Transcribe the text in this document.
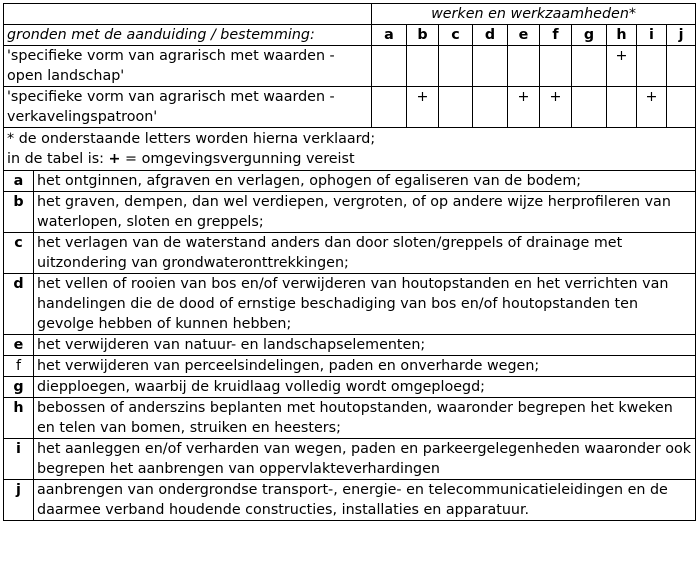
		werken en werkzaamheden*									
gronden met de aanduiding / bestemming:		a	b	c	d	e	f	g	h	i	j
'specifieke vorm van agrarisch met waarden - open landschap'									+		
'specifieke vorm van agrarisch met waarden - verkavelingspatroon'			+			+	+			+	

* de onderstaande letters worden hierna verklaard;
in de tabel is: + = omgevingsvergunning vereist											

a	het ontginnen, afgraven en verlagen, ophogen of egaliseren van de bodem;										
b	het graven, dempen, dan wel verdiepen, vergroten, of op andere wijze herprofileren van waterlopen, sloten en greppels;										
c	het verlagen van de waterstand anders dan door sloten/greppels of drainage met uitzondering van grondwateronttrekkingen;										
d	het vellen of rooien van bos en/of verwijderen van houtopstanden en het verrichten van handelingen die de dood of ernstige beschadiging van bos en/of houtopstanden ten gevolge hebben of kunnen hebben;										
e	het verwijderen van natuur- en landschapselementen;										
f	het verwijderen van perceelsindelingen, paden en onverharde wegen;										
g	diepploegen, waarbij de kruidlaag volledig wordt omgeploegd;										
h	bebossen of anderszins beplanten met houtopstanden, waaronder begrepen het kweken en telen van bomen, struiken en heesters;										
i	het aanleggen en/of verharden van wegen, paden en parkeergelegenheden waaronder ook begrepen het aanbrengen van oppervlakteverhardingen										
j	aanbrengen van ondergrondse transport-, energie- en telecommunicatieleidingen en de daarmee verband houdende constructies, installaties en apparatuur.										
